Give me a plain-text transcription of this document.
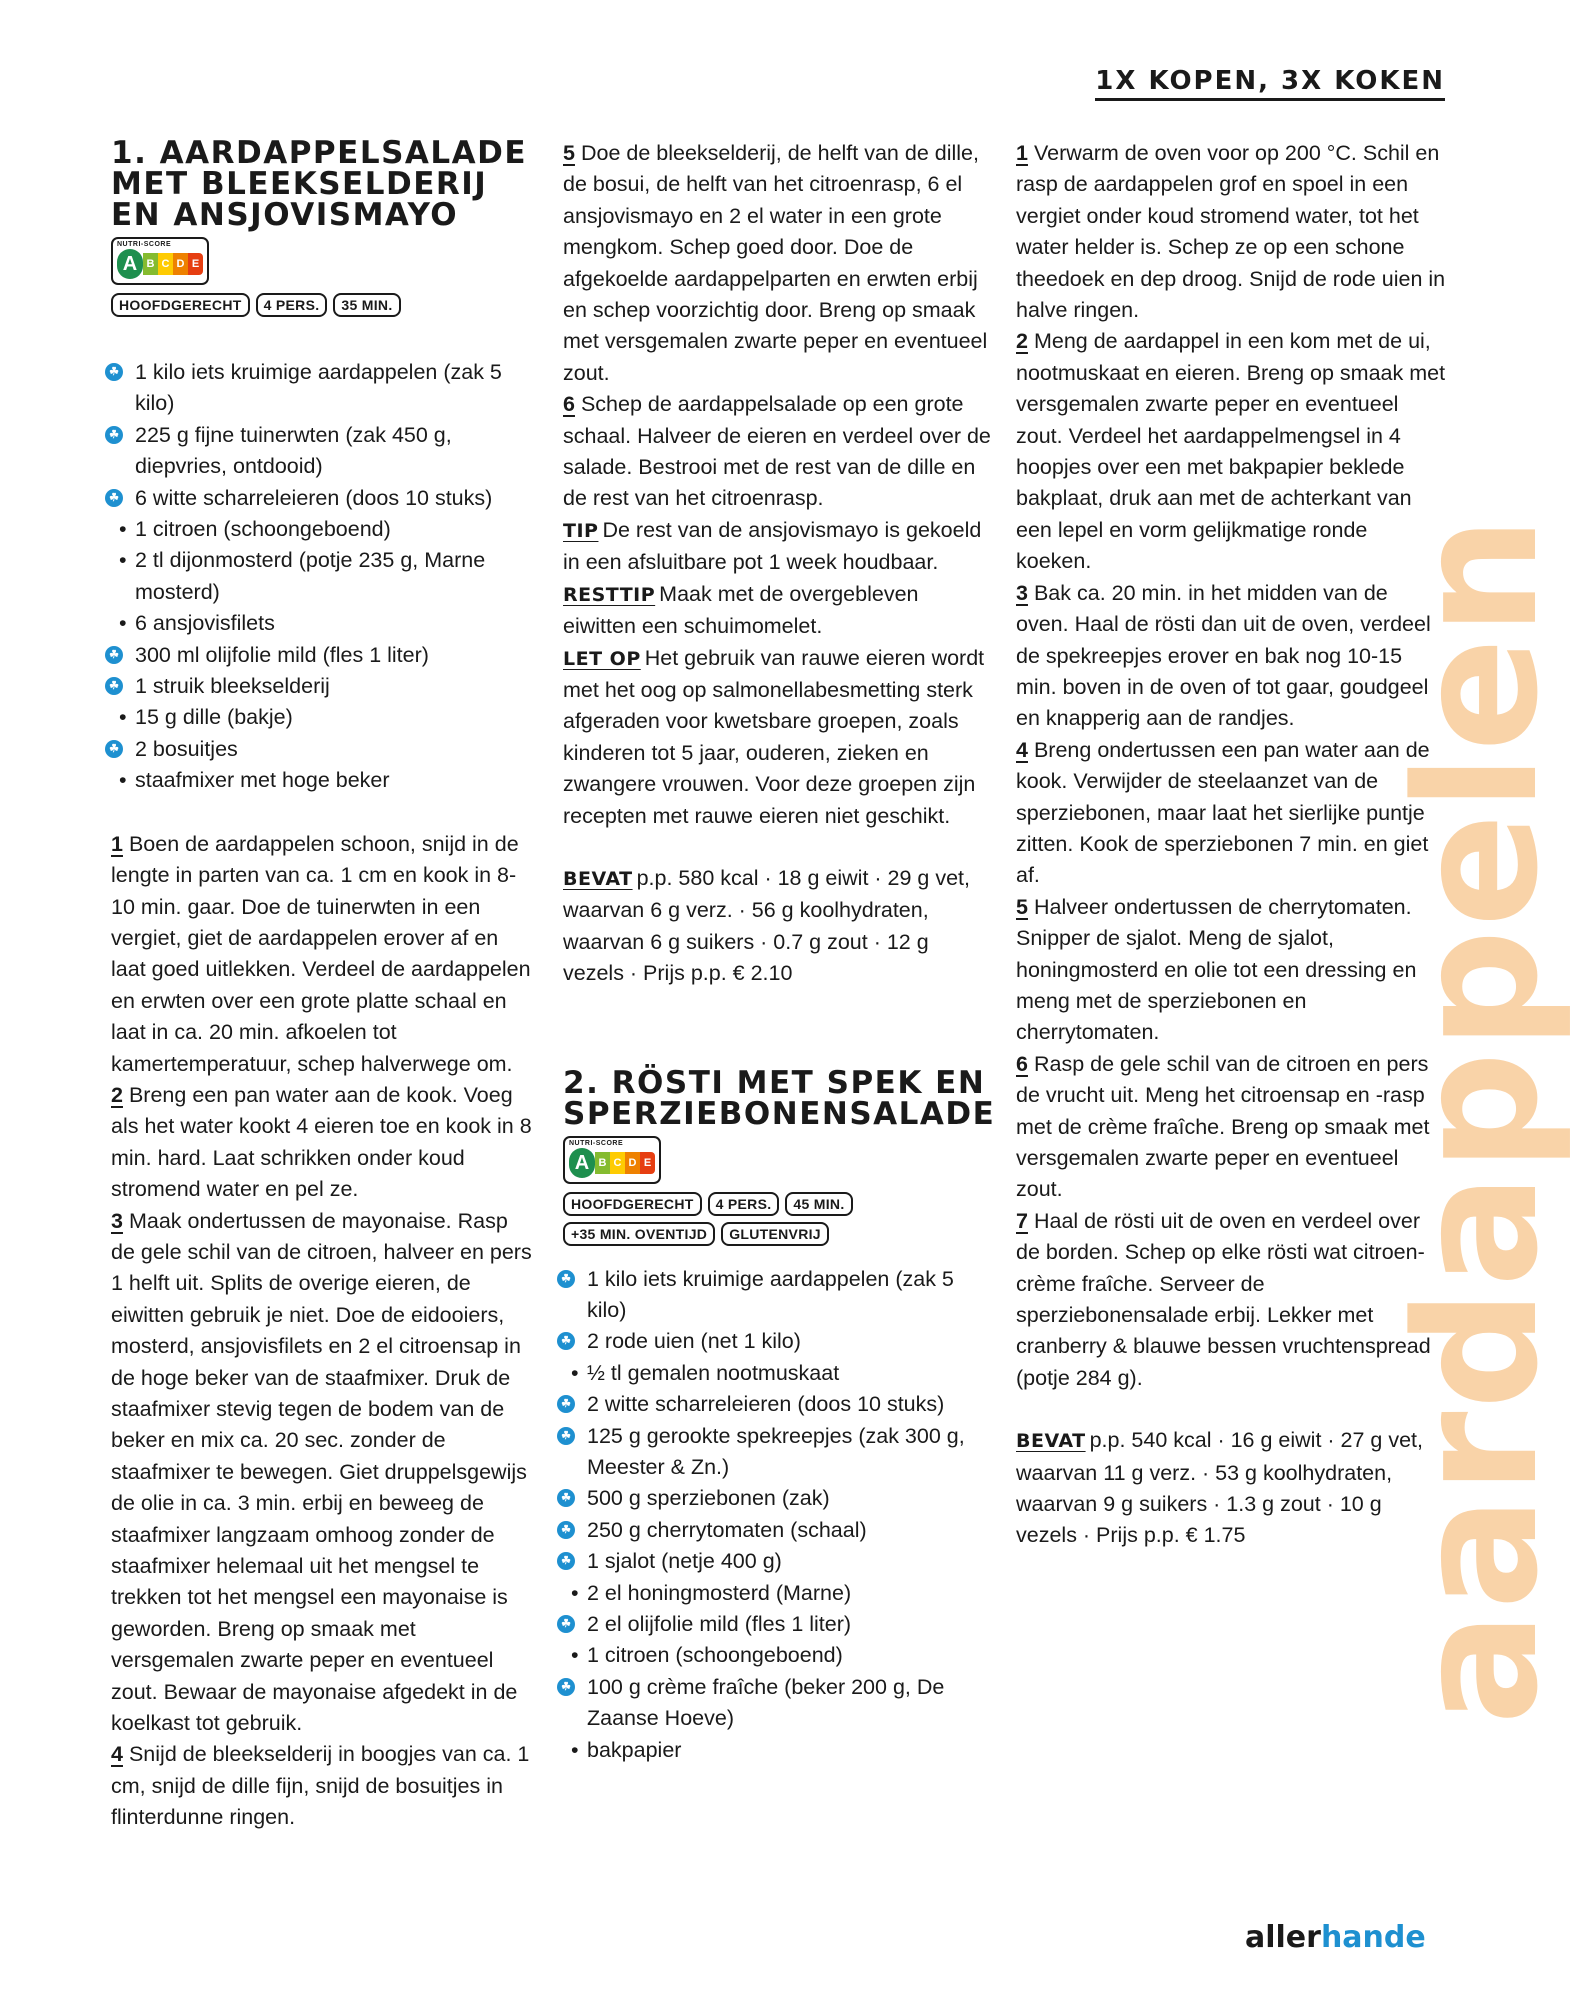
1X KOPEN, 3X KOKEN
1. AARDAPPELSALADE MET BLEEKSELDERIJ EN ANSJOVISMAYO
NUTRI-SCORE
A B C D E
HOOFDGERECHT	4 PERS.	35 MIN.
☘ 1 kilo iets kruimige aardappelen (zak 5 kilo)
☘ 225 g fijne tuinerwten (zak 450 g, diepvries, ontdooid)
☘ 6 witte scharreleieren (doos 10 stuks)
• 1 citroen (schoongeboend)
• 2 tl dijonmosterd (potje 235 g, Marne mosterd)
• 6 ansjovisfilets
☘ 300 ml olijfolie mild (fles 1 liter)
☘ 1 struik bleekselderij
• 15 g dille (bakje)
☘ 2 bosuitjes
• staafmixer met hoge beker

1 Boen de aardappelen schoon, snijd in de lengte in parten van ca. 1 cm en kook in 8-10 min. gaar. Doe de tuinerwten in een vergiet, giet de aardappelen erover af en laat goed uitlekken. Verdeel de aardappelen en erwten over een grote platte schaal en laat in ca. 20 min. afkoelen tot kamertemperatuur, schep halverwege om.

2 Breng een pan water aan de kook. Voeg als het water kookt 4 eieren toe en kook in 8 min. hard. Laat schrikken onder koud stromend water en pel ze.

3 Maak ondertussen de mayonaise. Rasp de gele schil van de citroen, halveer en pers 1 helft uit. Splits de overige eieren, de eiwitten gebruik je niet. Doe de eidooiers, mosterd, ansjovisfilets en 2 el citroensap in de hoge beker van de staafmixer. Druk de staafmixer stevig tegen de bodem van de beker en mix ca. 20 sec. zonder de staafmixer te bewegen. Giet druppelsgewijs de olie in ca. 3 min. erbij en beweeg de staafmixer langzaam omhoog zonder de staafmixer helemaal uit het mengsel te trekken tot het mengsel een mayonaise is geworden. Breng op smaak met versgemalen zwarte peper en eventueel zout. Bewaar de mayonaise afgedekt in de koelkast tot gebruik.

4 Snijd de bleekselderij in boogjes van ca. 1 cm, snijd de dille fijn, snijd de bosuitjes in flinterdunne ringen.

5 Doe de bleekselderij, de helft van de dille, de bosui, de helft van het citroenrasp, 6 el ansjovismayo en 2 el water in een grote mengkom. Schep goed door. Doe de afgekoelde aardappelparten en erwten erbij en schep voorzichtig door. Breng op smaak met versgemalen zwarte peper en eventueel zout.

6 Schep de aardappelsalade op een grote schaal. Halveer de eieren en verdeel over de salade. Bestrooi met de rest van de dille en de rest van het citroenrasp.

TIP De rest van de ansjovismayo is gekoeld in een afsluitbare pot 1 week houdbaar.

RESTTIP Maak met de overgebleven eiwitten een schuimomelet.

LET OP Het gebruik van rauwe eieren wordt met het oog op salmonellabesmetting sterk afgeraden voor kwetsbare groepen, zoals kinderen tot 5 jaar, ouderen, zieken en zwangere vrouwen. Voor deze groepen zijn recepten met rauwe eieren niet geschikt.

BEVAT p.p. 580 kcal · 18 g eiwit · 29 g vet, waarvan 6 g verz. · 56 g koolhydraten, waarvan 6 g suikers · 0.7 g zout · 12 g vezels · Prijs p.p. € 2.10

2. RÖSTI MET SPEK EN SPERZIEBONENSALADE
NUTRI-SCORE
A B C D E
HOOFDGERECHT	4 PERS.	45 MIN.
+35 MIN. OVENTIJD	GLUTENVRIJ
☘ 1 kilo iets kruimige aardappelen (zak 5 kilo)
☘ 2 rode uien (net 1 kilo)
• ½ tl gemalen nootmuskaat
☘ 2 witte scharreleieren (doos 10 stuks)
☘ 125 g gerookte spekreepjes (zak 300 g, Meester & Zn.)
☘ 500 g sperziebonen (zak)
☘ 250 g cherrytomaten (schaal)
☘ 1 sjalot (netje 400 g)
• 2 el honingmosterd (Marne)
☘ 2 el olijfolie mild (fles 1 liter)
• 1 citroen (schoongeboend)
☘ 100 g crème fraîche (beker 200 g, De Zaanse Hoeve)
• bakpapier

1 Verwarm de oven voor op 200 °C. Schil en rasp de aardappelen grof en spoel in een vergiet onder koud stromend water, tot het water helder is. Schep ze op een schone theedoek en dep droog. Snijd de rode uien in halve ringen.

2 Meng de aardappel in een kom met de ui, nootmuskaat en eieren. Breng op smaak met versgemalen zwarte peper en eventueel zout. Verdeel het aardappelmengsel in 4 hoopjes over een met bakpapier beklede bakplaat, druk aan met de achterkant van een lepel en vorm gelijkmatige ronde koeken.

3 Bak ca. 20 min. in het midden van de oven. Haal de rösti dan uit de oven, verdeel de spekreepjes erover en bak nog 10-15 min. boven in de oven of tot gaar, goudgeel en knapperig aan de randjes.

4 Breng ondertussen een pan water aan de kook. Verwijder de steelaanzet van de sperziebonen, maar laat het sierlijke puntje zitten. Kook de sperziebonen 7 min. en giet af.

5 Halveer ondertussen de cherrytomaten. Snipper de sjalot. Meng de sjalot, honingmosterd en olie tot een dressing en meng met de sperziebonen en cherrytomaten.

6 Rasp de gele schil van de citroen en pers de vrucht uit. Meng het citroensap en -rasp met de crème fraîche. Breng op smaak met versgemalen zwarte peper en eventueel zout.

7 Haal de rösti uit de oven en verdeel over de borden. Schep op elke rösti wat citroen-crème fraîche. Serveer de sperziebonensalade erbij. Lekker met cranberry & blauwe bessen vruchtenspread (potje 284 g).

BEVAT p.p. 540 kcal · 16 g eiwit · 27 g vet, waarvan 11 g verz. · 53 g koolhydraten, waarvan 9 g suikers · 1.3 g zout · 10 g vezels · Prijs p.p. € 1.75 aardappelen
allerhande
